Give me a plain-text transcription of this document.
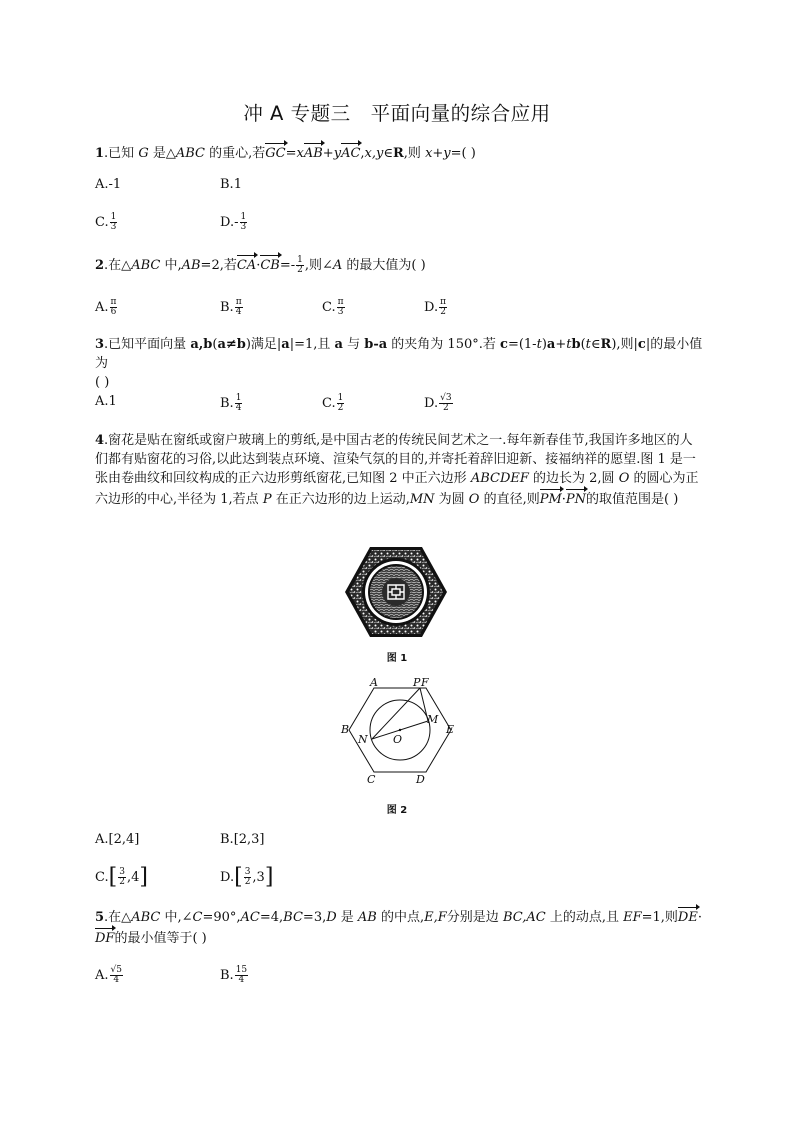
冲 A 专题三 平面向量的综合应用
1.已知 G 是△ABC 的重心,若GC=xAB+yAC,x,y∈R,则 x+y=( )
A.-1	B.1
C. $\frac{1}{3}$	$D.- \frac{1}{3}$
2.在△ABC 中,AB=2,若$CA\cdot CB=- \frac{1}{2}$ ,则∠A 的最大值为( )
A. $\frac{\pi}{6}$	B. $\frac{\pi}{4}$	C. $\frac{\pi}{3}$	D. $\frac{\pi}{2}$
3.已知平面向量 a,b(a≠b)满足|a|=1,且 a 与 b-a 的夹角为 150°.若 c=(1-t)a+tb(t∈R),则|c|的最小值为
( )
A.1	B. $\frac{1}{4}$	C. $\frac{1}{2}$	D. $\frac{√3}{2}$
4.窗花是贴在窗纸或窗户玻璃上的剪纸,是中国古老的传统民间艺术之一.每年新春佳节,我国许多地区的人们都有贴窗花的习俗,以此达到装点环境、渲染气氛的目的,并寄托着辞旧迎新、接福纳祥的愿望.图 1 是一张由卷曲纹和回纹构成的正六边形剪纸窗花,已知图 2 中正六边形 ABCDEF 的边长为 2,圆 O 的圆心为正六边形的中心,半径为 1,若点 P 在正六边形的边上运动,MN 为圆 O 的直径,则PM·PN的取值范围是( )
图 1
A	P F
B
M
E
N O
C	D
图 2
A.[2,4]	B.[2,3]
$C.[ \frac{3}{2} ,4]$	$D.[ \frac{3}{2} ,3]$
5.在△ABC 中,∠C=90°,AC=4,BC=3,D 是 AB 的中点,E,F分别是边 BC,AC 上的动点,且 EF=1,则DE·DF的最小值等于( )
A. $\frac{√5}{4}$	B. $\frac{15}{4}$
